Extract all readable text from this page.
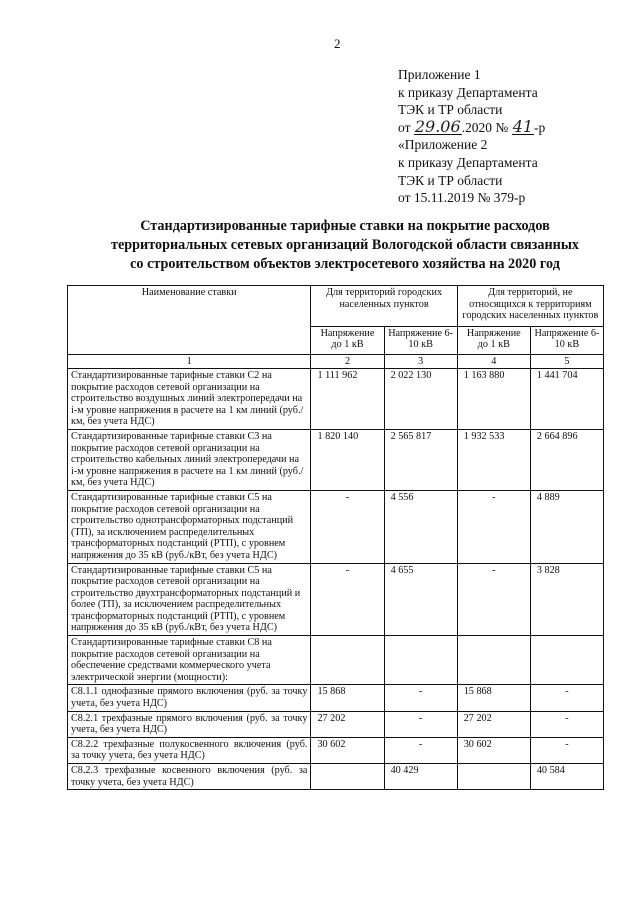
2
Приложение 1
к приказу Департамента
ТЭК и ТР области
от 29.06.2020 № 41-р
«Приложение 2
к приказу Департамента
ТЭК и ТР области
от 15.11.2019 № 379-р
Стандартизированные тарифные ставки на покрытие расходов
территориальных сетевых организаций Вологодской области связанных
со строительством объектов электросетевого хозяйства на 2020 год
Наименование ставки	Для территорий городских населенных пунктов		Для территорий, не относящихся к территориям городских населенных пунктов	
	Напряжение до 1 кВ	Напряжение 6-10 кВ	Напряжение до 1 кВ	Напряжение 6-10 кВ
1	2	3	4	5
Стандартизированные тарифные ставки С2 на покрытие расходов сетевой организации на строительство воздушных линий электропередачи на i-м уровне напряжения в расчете на 1 км линий (руб./км, без учета НДС)	1 111 962	2 022 130	1 163 880	1 441 704
Стандартизированные тарифные ставки С3 на покрытие расходов сетевой организации на строительство кабельных линий электропередачи на i-м уровне напряжения в расчете на 1 км линий (руб./км, без учета НДС)	1 820 140	2 565 817	1 932 533	2 664 896
Стандартизированные тарифные ставки С5 на покрытие расходов сетевой организации на строительство однотрансформаторных подстанций (ТП), за исключением распределительных трансформаторных подстанций (РТП), с уровнем напряжения до 35 кВ (руб./кВт, без учета НДС)	-	4 556	-	4 889
Стандартизированные тарифные ставки С5 на покрытие расходов сетевой организации на строительство двухтрансформаторных подстанций и более (ТП), за исключением распределительных трансформаторных подстанций (РТП), с уровнем напряжения до 35 кВ (руб./кВт, без учета НДС)	-	4 655	-	3 828
Стандартизированные тарифные ставки С8 на покрытие расходов сетевой организации на обеспечение средствами коммерческого учета электрической энергии (мощности):				
С8.1.1 однофазные прямого включения (руб. за точку учета, без учета НДС)	15 868	-	15 868	-
С8.2.1 трехфазные прямого включения (руб. за точку учета, без учета НДС)	27 202	-	27 202	-
С8.2.2 трехфазные полукосвенного включения (руб. за точку учета, без учета НДС)	30 602	-	30 602	-
С8.2.3 трехфазные косвенного включения (руб. за точку учета, без учета НДС)		40 429		40 584
